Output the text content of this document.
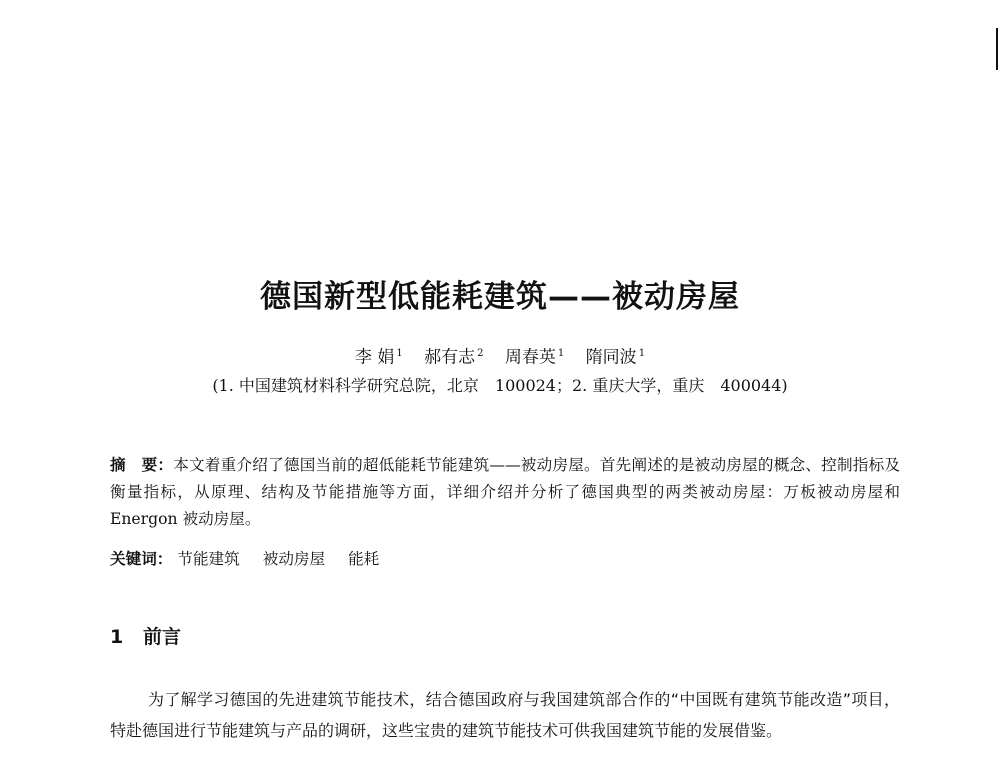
德国新型低能耗建筑——被动房屋
李 娟 $^1$ 郝有志 $^2$ 周春英 $^1$ 隋同波 $^1$
(1. 中国建筑材料科学研究总院，北京　100024；2. 重庆大学，重庆　400044)
摘　要：本文着重介绍了德国当前的超低能耗节能建筑——被动房屋。首先阐述的是被动房屋的概念、控制指标及衡量指标，从原理、结构及节能措施等方面，详细介绍并分析了德国典型的两类被动房屋：万板被动房屋和 Energon 被动房屋。
关键词： 节能建筑 被动房屋 能耗
1 前言

为了解学习德国的先进建筑节能技术，结合德国政府与我国建筑部合作的“中国既有建筑节能改造”项目，特赴德国进行节能建筑与产品的调研，这些宝贵的建筑节能技术可供我国建筑节能的发展借鉴。
